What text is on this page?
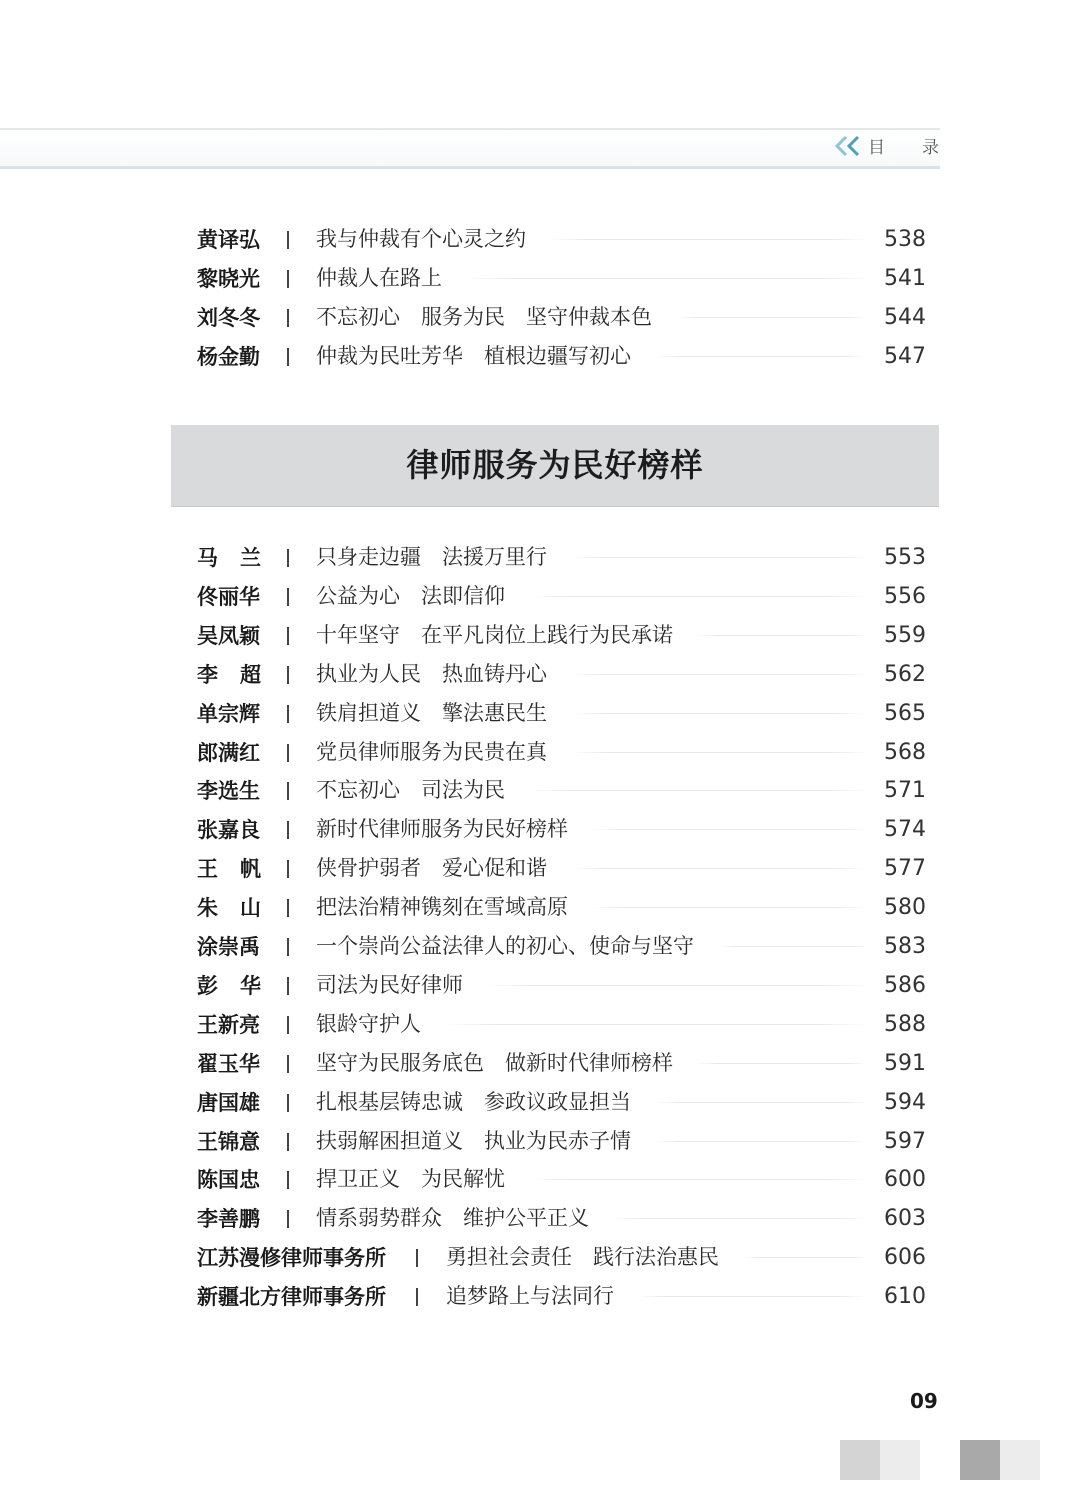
目 录
黄译弘	我与仲裁有个心灵之约	538
黎晓光	仲裁人在路上	541
刘冬冬	不忘初心　服务为民　坚守仲裁本色	544
杨金勤	仲裁为民吐芳华　植根边疆写初心	547
律师服务为民好榜样
马 兰	只身走边疆　法援万里行	553
佟丽华	公益为心　法即信仰	556
吴凤颖	十年坚守　在平凡岗位上践行为民承诺	559
李 超	执业为人民　热血铸丹心	562
单宗辉	铁肩担道义　擎法惠民生	565
郎满红	党员律师服务为民贵在真	568
李选生	不忘初心　司法为民	571
张嘉良	新时代律师服务为民好榜样	574
王 帆	侠骨护弱者　爱心促和谐	577
朱 山	把法治精神镌刻在雪域高原	580
涂崇禹	一个崇尚公益法律人的初心、使命与坚守	583
彭 华	司法为民好律师	586
王新亮	银龄守护人	588
翟玉华	坚守为民服务底色　做新时代律师榜样	591
唐国雄	扎根基层铸忠诚　参政议政显担当	594
王锦意	扶弱解困担道义　执业为民赤子情	597
陈国忠	捍卫正义　为民解忧	600
李善鹏	情系弱势群众　维护公平正义	603
江苏漫修律师事务所	勇担社会责任　践行法治惠民	606
新疆北方律师事务所	追梦路上与法同行	610
09
